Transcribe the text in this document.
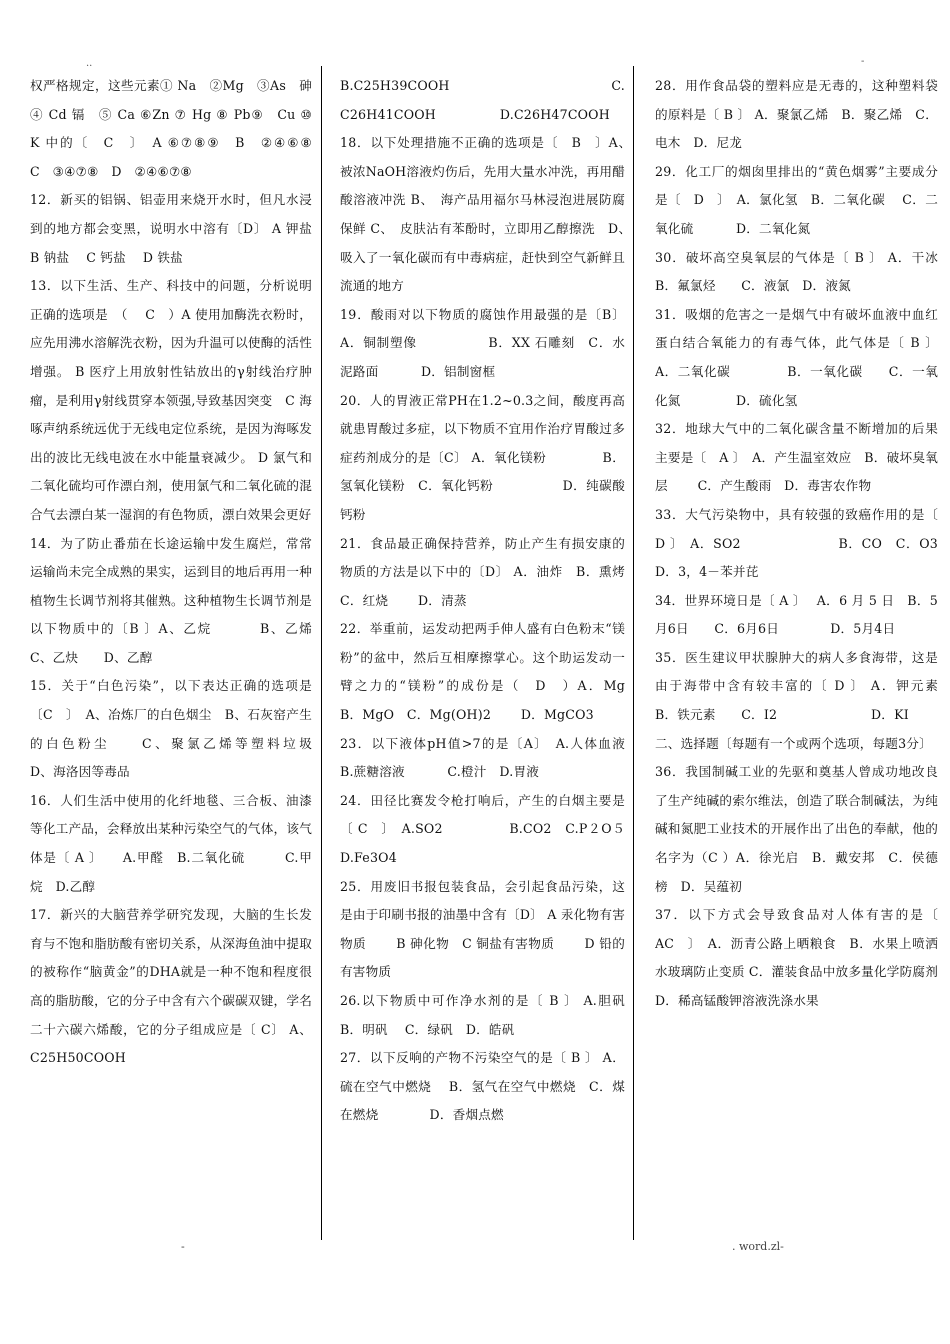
..	-

权严格规定，这些元素① Na　②Mg　③As　砷　④ Cd 镉　⑤ Ca ⑥Zn ⑦ Hg ⑧ Pb⑨　Cu ⑩　K 中的〔　C　〕　A ⑥⑦⑧⑨　B　②④⑥⑧　　C　③④⑦⑧　D　②④⑥⑦⑧

12．新买的铝锅、铝壶用来烧开水时，但凡水浸到的地方都会变黑，说明水中溶有〔D〕 A 钾盐　 B 钠盐　 C 钙盐　 D 铁盐

13．以下生活、生产、科技中的问题，分析说明正确的选项是　（　 C　）A 使用加酶洗衣粉时，应先用沸水溶解洗衣粉，因为升温可以使酶的活性增强。 B 医疗上用放射性钴放出的γ射线治疗肿瘤，是利用γ射线贯穿本领强,导致基因突变　C 海啄声纳系统远优于无线电定位系统，是因为海啄发出的波比无线电波在水中能量衰减少。 D 氯气和二氧化硫均可作漂白剂，使用氯气和二氧化硫的混合气去漂白某一湿润的有色物质，漂白效果会更好

14．为了防止番茄在长途运输中发生腐烂，常常运输尚未完全成熟的果实，运到目的地后再用一种植物生长调节剂将其催熟。这种植物生长调节剂是以下物质中的〔B 〕A、乙烷　　　 B、乙烯　　　 C、乙炔　　D、乙醇

15．关于“白色污染”，以下表达正确的选项是〔C　〕　A、冶炼厂的白色烟尘　B、石灰窑产生的白色粉尘　　C、聚氯乙烯等塑料垃圾　　　 D、海洛因等毒品

16．人们生活中使用的化纤地毯、三合板、油漆等化工产品，会释放出某种污染空气的气体，该气体是〔 A 〕　　A.甲醛　B.二氧化硫　　　C.甲烷　D.乙醇

17．新兴的大脑营养学研究发现，大脑的生长发育与不饱和脂肪酸有密切关系，从深海鱼油中提取的被称作“脑黄金”的DHA就是一种不饱和程度很高的脂肪酸，它的分子中含有六个碳碳双键，学名二十六碳六烯酸，它的分子组成应是〔 C〕 A、C25H50COOH

B.C25H39COOH　　　　　　　　　C.　C26H41COOH　　　　　D.C26H47COOH

18．以下处理措施不正确的选项是〔　B　〕A、　被浓NaOH溶液灼伤后，先用大量水冲洗，再用醋酸溶液冲洗 B、　海产品用福尔马林浸泡进展防腐保鲜 C、　皮肤沾有苯酚时，立即用乙醇擦洗　D、　吸入了一氧化碳而有中毒病症，赶快到空气新鲜且流通的地方

19．酸雨对以下物质的腐蚀作用最强的是〔B〕 A．铜制塑像　　　　　 B．XX 石雕刻　C．水泥路面　　　 D．铝制窗框

20．人的胃液正常PH在1.2~0.3之间，酸度再高就患胃酸过多症，以下物质不宜用作治疗胃酸过多症药剂成分的是〔C〕 A．氧化镁粉　　　　 B．氢氧化镁粉　C．氧化钙粉　　　　　 D．纯碳酸钙粉

21．食品最正确保持营养，防止产生有损安康的物质的方法是以下中的〔D〕 A．油炸　B．熏烤　　　 C．红烧　　 D．清蒸

22．举重前，运发动把两手伸人盛有白色粉末“镁粉”的盆中，然后互相摩擦掌心。这个助运发动一臂之力的“镁粉”的成份是（　D　）A．Mg　　　　　　 B．MgO　C．Mg(OH)2　　 D．MgCO3

23．以下液体pH值>7的是〔A〕　A.人体血液　　　 B.蔗糖溶液　　　 C.橙汁　D.胃液

24．田径比赛发令枪打响后，产生的白烟主要是〔 C　〕　A.SO2　　　　　B.CO2　C.P２O５　　D.Fe3O4

25．用废旧书报包装食品，会引起食品污染，这是由于印刷书报的油墨中含有〔D〕 A 汞化物有害物质　　 B 砷化物　C 铜盐有害物质　　 D 铅的有害物质

26.以下物质中可作净水剂的是〔 B 〕 A.胆矾　　　　　　 B．明矾　 C．绿矾　D．皓矾

27．以下反响的产物不污染空气的是〔 B 〕 A．硫在空气中燃烧　 B．氢气在空气中燃烧　C．煤在燃烧　　　　D．香烟点燃

28．用作食品袋的塑料应是无毒的，这种塑料袋的原料是〔 B 〕 A．聚氯乙烯　B．聚乙烯　C．电木　D．尼龙

29．化工厂的烟囱里排出的“黄色烟雾”主要成分是〔　D　〕　A．氯化氢　B．二氧化碳　 C．二氧化硫　　　 D．二氧化氮

30．破坏高空臭氧层的气体是〔 B 〕 A．干冰　　　　　　 B．氟氯烃　　C．液氯　D．液氮

31．吸烟的危害之一是烟气中有破坏血液中血红蛋白结合氧能力的有毒气体，此气体是〔 B 〕 A．二氧化碳　　　　 B．一氧化碳　　C．一氧化氮　　　　 D．硫化氢

32．地球大气中的二氧化碳含量不断增加的后果主要是〔　A 〕　A．产生温室效应　B．破坏臭氧层　　 C．产生酸雨　D．毒害农作物

33．大气污染物中，具有较强的致癌作用的是〔 D 〕　A．SO2　　　　　　　 B．CO　C．O3　　　　　　　 D．3，4－苯并芘

34．世界环境日是〔 A 〕　 A．6 月 5 日　B．5月6日　　C．6月6日　　　　D．5月4日

35．医生建议甲状腺肿大的病人多食海带，这是由于海带中含有较丰富的〔 D 〕 A．钾元素　B．铁元素　　C．I2　　　　　　　 D．KI

二、选择题〔每题有一个或两个选项，每题3分〕

36．我国制碱工业的先驱和奠基人曾成功地改良了生产纯碱的索尔维法，创造了联合制碱法，为纯碱和氮肥工业技术的开展作出了出色的奉献，他的名字为（C ）A．徐光启　B．戴安邦　C．侯德榜　D．吴蕴初

37．以下方式会导致食品对人体有害的是〔　AC　〕　A．沥青公路上晒粮食　B．水果上喷洒水玻璃防止变质 C．灌装食品中放多量化学防腐剂　　 D．稀高锰酸钾溶液洗涤水果

-	. word.zl-
